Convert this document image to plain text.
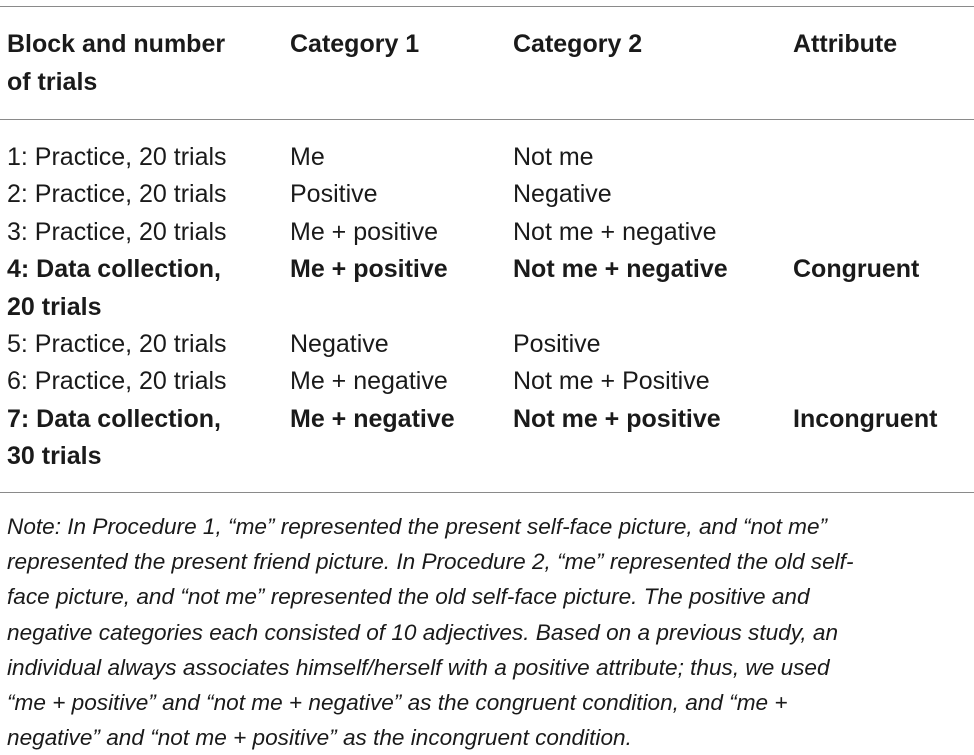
Block and number
of trials	Category 1	Category 2	Attribute
1: Practice, 20 trials	Me	Not me	
2: Practice, 20 trials	Positive	Negative	
3: Practice, 20 trials	Me + positive	Not me + negative	
4: Data collection,
20 trials	Me + positive	Not me + negative	Congruent
5: Practice, 20 trials	Negative	Positive	
6: Practice, 20 trials	Me + negative	Not me + Positive	
7: Data collection,
30 trials	Me + negative	Not me + positive	Incongruent
Note: In Procedure 1, “me” represented the present self-face picture, and “not me”
represented the present friend picture. In Procedure 2, “me” represented the old self-
face picture, and “not me” represented the old self-face picture. The positive and
negative categories each consisted of 10 adjectives. Based on a previous study, an
individual always associates himself/herself with a positive attribute; thus, we used
“me + positive” and “not me + negative” as the congruent condition, and “me +
negative” and “not me + positive” as the incongruent condition.
